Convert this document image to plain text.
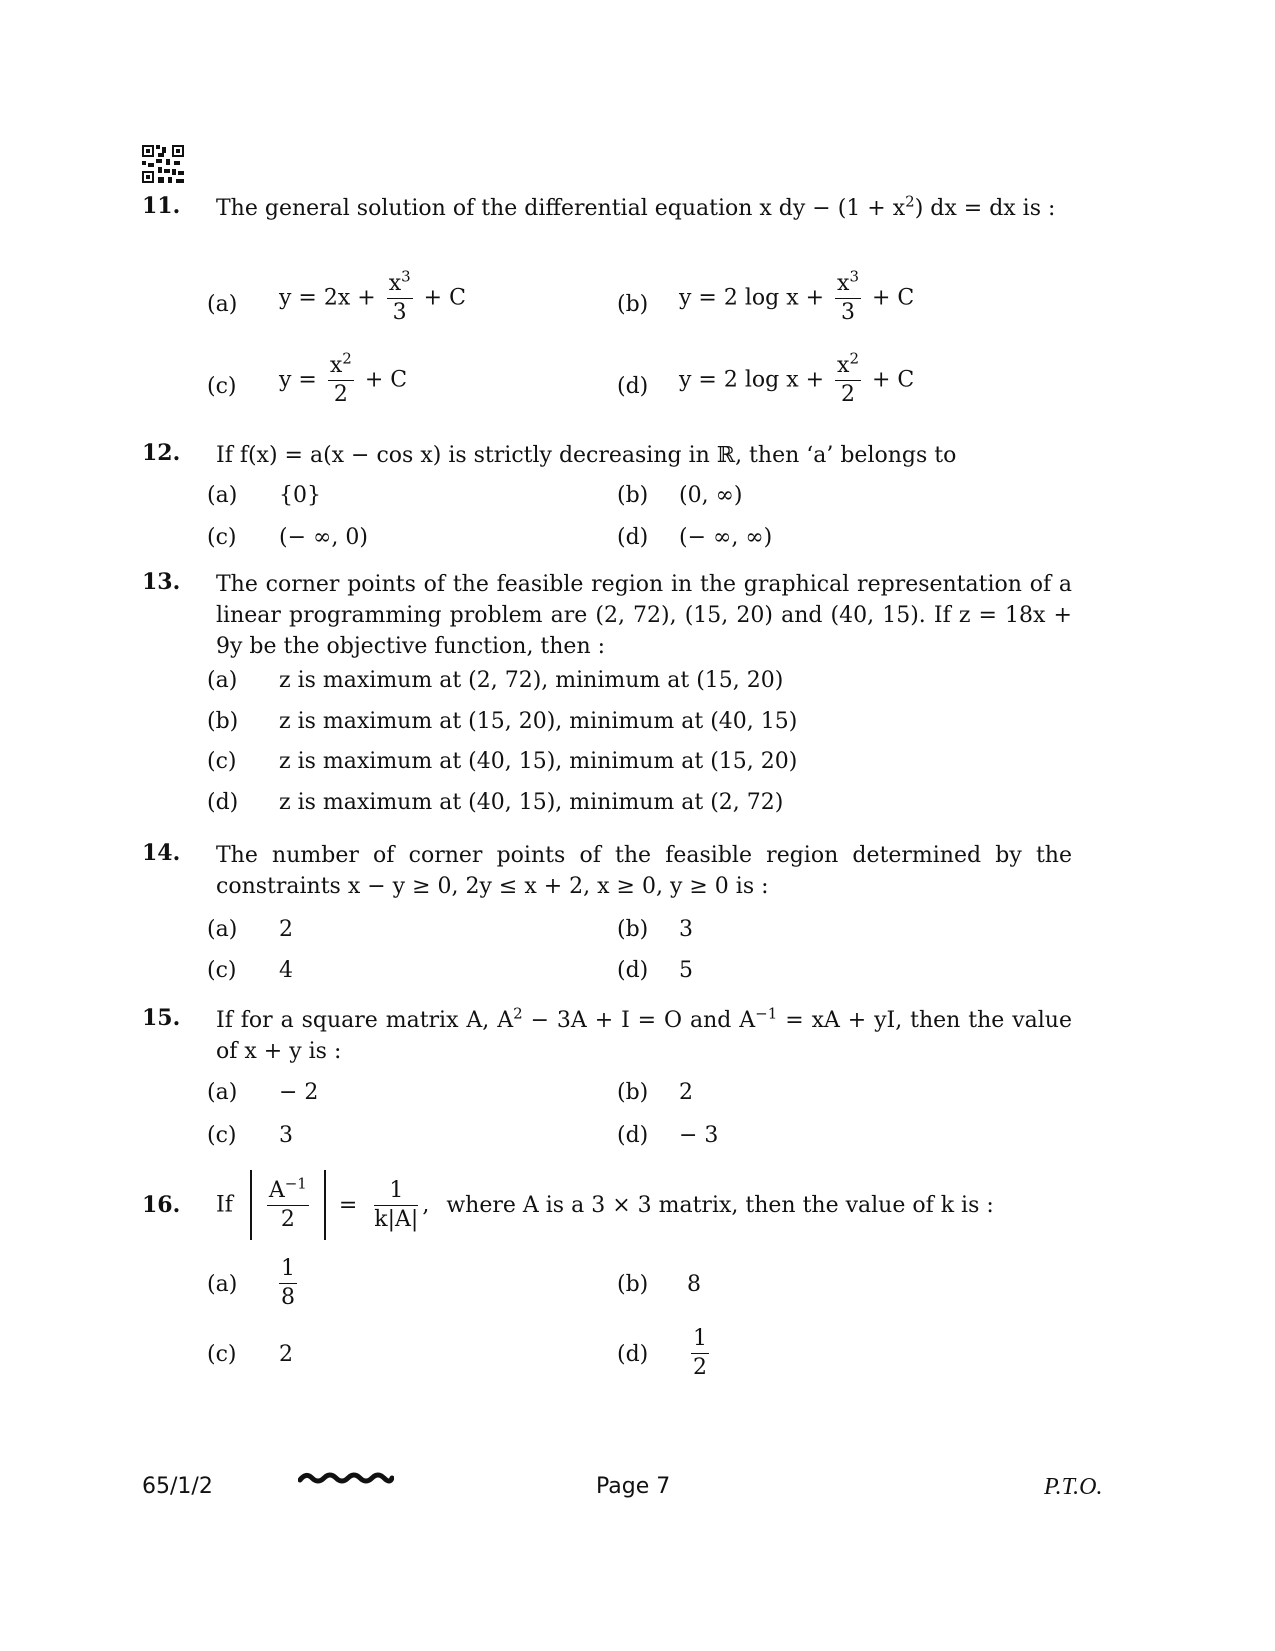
11. The general solution of the differential equation x dy − $(1 + x^2)$ dx = dx is :
(a) $y = 2x + \frac{x^3}{3} + C$	(b) y = 2 $\log x + \frac{x^3}{3} + C$
(c) $y = \frac{x^2}{2} + C$	(d) y = 2 $\log x + \frac{x^2}{2} + C$
12. If f(x) = a(x − cos x) is strictly decreasing in ℝ, then ‘a’ belongs to
(a) {0}	(b) (0, ∞)
(c) (− ∞, 0)	(d) (− ∞, ∞)
13. The corner points of the feasible region in the graphical representation of a linear programming problem are (2, 72), (15, 20) and (40, 15). If z = 18x + 9y be the objective function, then :
(a) z is maximum at (2, 72), minimum at (15, 20)
(b) z is maximum at (15, 20), minimum at (40, 15)
(c) z is maximum at (40, 15), minimum at (15, 20)
(d) z is maximum at (40, 15), minimum at (2, 72)
14. The number of corner points of the feasible region determined by the constraints x − y ≥ 0, 2y ≤ x + 2, x ≥ 0, y ≥ 0 is :
(a) 2	(b) 3
(c) 4	(d) 5
15. If for a square matrix A, $A^2 - 3A + I = O$ and $A^{-1}$ = xA + yI, then the value of x + y is :
(a) − 2	(b) 2
(c) 3	(d) − 3
16. If $\frac{A^{-1}}{2} = \frac{1}{k|A|}$ , where A is a 3 × 3 matrix, then the value of k is :
$(a) \frac{1}{8}$	(b) 8
(c) 2	$(d) \frac{1}{2}$
65/1/2	Page 7	P.T.O.
